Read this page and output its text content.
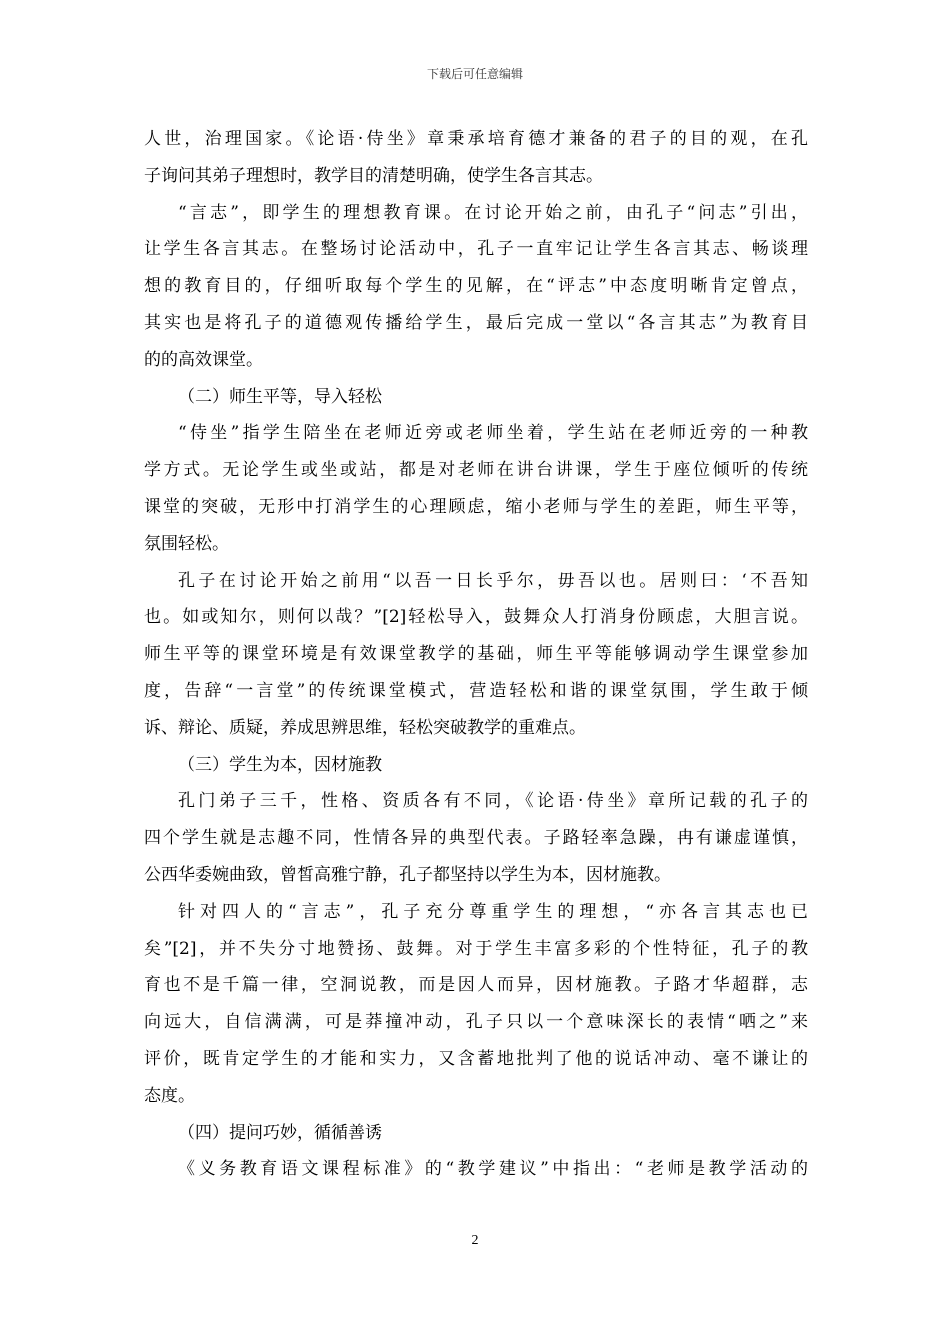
下载后可任意编辑
人世，治理国家。《论语·侍坐》章秉承培育德才兼备的君子的目的观，在孔
子询问其弟子理想时，教学目的清楚明确，使学生各言其志。
“言志”，即学生的理想教育课。在讨论开始之前，由孔子“问志”引出，
让学生各言其志。在整场讨论活动中，孔子一直牢记让学生各言其志、畅谈理
想的教育目的，仔细听取每个学生的见解，在“评志”中态度明晰肯定曾点，
其实也是将孔子的道德观传播给学生，最后完成一堂以“各言其志”为教育目
的的高效课堂。
（二）师生平等，导入轻松
“侍坐”指学生陪坐在老师近旁或老师坐着，学生站在老师近旁的一种教
学方式。无论学生或坐或站，都是对老师在讲台讲课，学生于座位倾听的传统
课堂的突破，无形中打消学生的心理顾虑，缩小老师与学生的差距，师生平等，
氛围轻松。
孔子在讨论开始之前用“以吾一日长乎尔，毋吾以也。居则曰：‘不吾知
也。如或知尔，则何以哉？”[2]轻松导入，鼓舞众人打消身份顾虑，大胆言说。
师生平等的课堂环境是有效课堂教学的基础，师生平等能够调动学生课堂参加
度，告辞“一言堂”的传统课堂模式，营造轻松和谐的课堂氛围，学生敢于倾
诉、辩论、质疑，养成思辨思维，轻松突破教学的重难点。
（三）学生为本，因材施教
孔门弟子三千，性格、资质各有不同，《论语·侍坐》章所记载的孔子的
四个学生就是志趣不同，性情各异的典型代表。子路轻率急躁，冉有谦虚谨慎，
公西华委婉曲致，曾皙高雅宁静，孔子都坚持以学生为本，因材施教。
针对四人的“言志”，孔子充分尊重学生的理想，“亦各言其志也已
矣”[2]，并不失分寸地赞扬、鼓舞。对于学生丰富多彩的个性特征，孔子的教
育也不是千篇一律，空洞说教，而是因人而异，因材施教。子路才华超群，志
向远大，自信满满，可是莽撞冲动，孔子只以一个意味深长的表情“哂之”来
评价，既肯定学生的才能和实力，又含蓄地批判了他的说话冲动、毫不谦让的
态度。
（四）提问巧妙，循循善诱
《义务教育语文课程标准》的“教学建议”中指出：“老师是教学活动的
2
